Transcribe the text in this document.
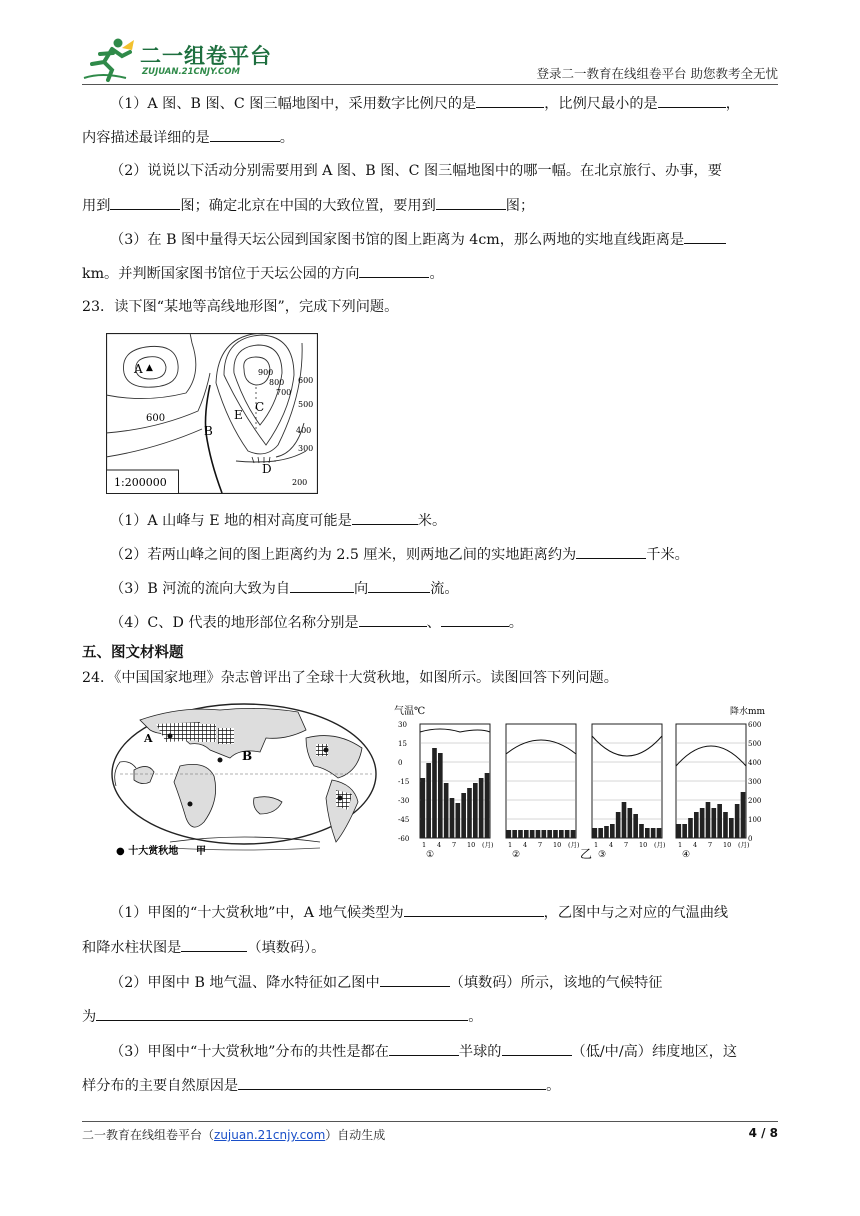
二一组卷平台
ZUJUAN.21CNJY.COM	登录二一教育在线组卷平台 助您教考全无忧
（1）A 图、B 图、C 图三幅地图中，采用数字比例尺的是	，比例尺最小的是	，
内容描述最详细的是	。
（2）说说以下活动分别需要用到 A 图、B 图、C 图三幅地图中的哪一幅。在北京旅行、办事，要
用到	图；确定北京在中国的大致位置，要用到	图；
（3）在 B 图中量得天坛公园到国家图书馆的图上距离为 4cm，那么两地的实地直线距离是
km。并判断国家图书馆位于天坛公园的方向	。
23．读下图“某地等高线地形图”，完成下列问题。
A ▲
B
C
D
E
900
800
700
600
500
400
300
200
600
1:200000
（1）A 山峰与 E 地的相对高度可能是	米。
（2）若两山峰之间的图上距离约为 2.5 厘米，则两地乙间的实地距离约为	千米。
（3）B 河流的流向大致为自	向	流。
（4）C、D 代表的地形部位名称分别是	、	。
五、图文材料题
24．《中国国家地理》杂志曾评出了全球十大赏秋地，如图所示。读图回答下列问题。
B
A
● 十大赏秋地 甲
气温℃	降水mm
30
15
0
-15
-30
-45
-60
600
500
400
300
200
100
0
1 4 7 10 (月)
①
1 4 7 10 (月)
②
1 4 7 10 (月)
③
1 4 7 10 (月)
④
乙
（1）甲图的“十大赏秋地”中，A 地气候类型为	，乙图中与之对应的气温曲线
和降水柱状图是	（填数码）。
（2）甲图中 B 地气温、降水特征如乙图中	（填数码）所示，该地的气候特征
为	。
（3）甲图中“十大赏秋地”分布的共性是都在	半球的	（低/中/高）纬度地区，这
样分布的主要自然原因是	。
二一教育在线组卷平台（zujuan.21cnjy.com）自动生成	4 / 8
